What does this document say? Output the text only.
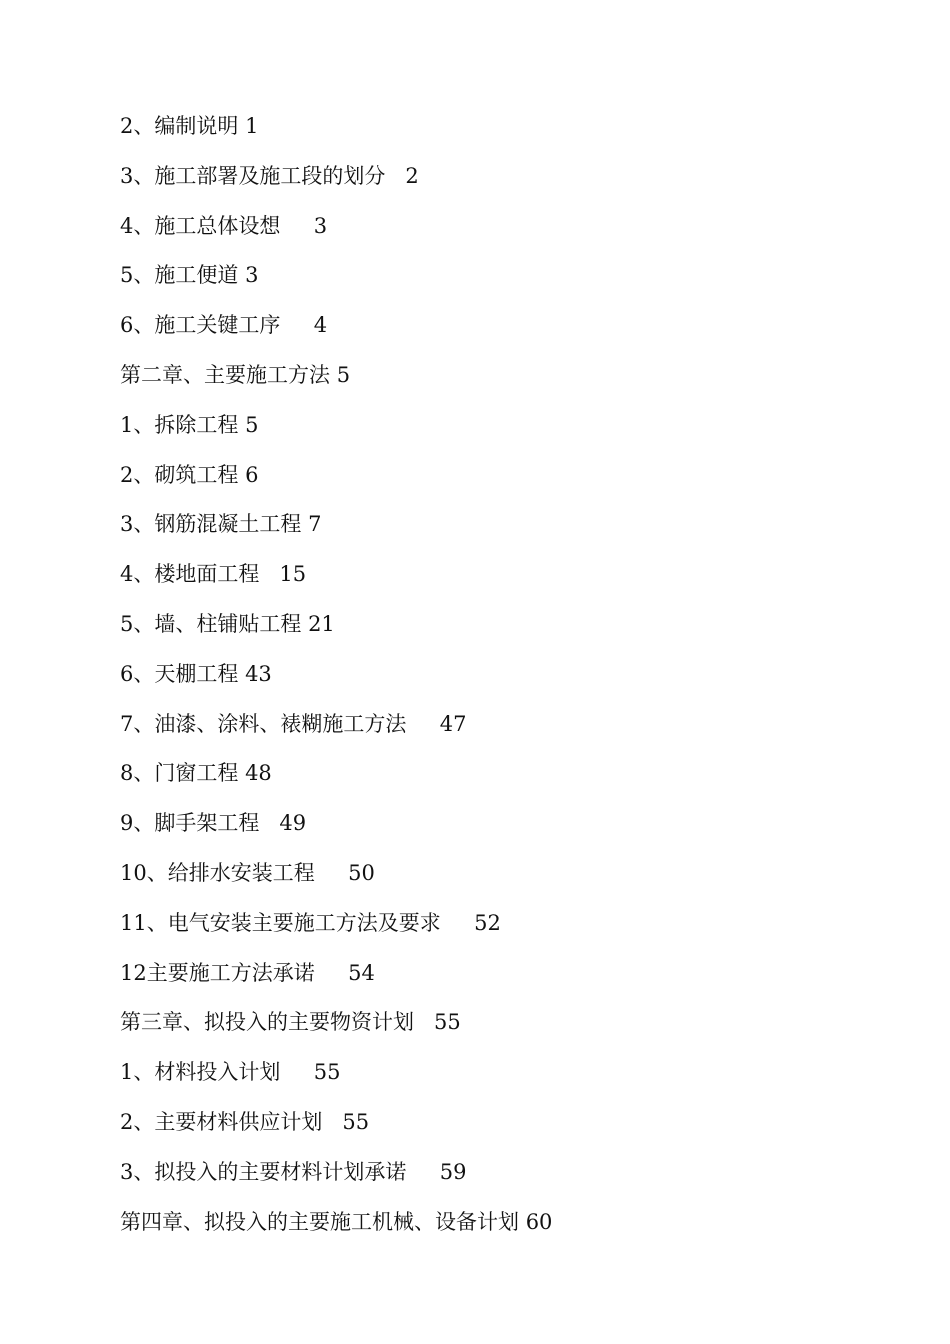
2、编制说明 1
3、施工部署及施工段的划分 2
4、施工总体设想 3
5、施工便道 3
6、施工关键工序 4
第二章、主要施工方法 5
1、拆除工程 5
2、砌筑工程 6
3、钢筋混凝土工程 7
4、楼地面工程 15
5、墙、柱铺贴工程 21
6、天棚工程 43
7、油漆、涂料、裱糊施工方法 47
8、门窗工程 48
9、脚手架工程 49
10、给排水安装工程 50
11、电气安装主要施工方法及要求 52
12主要施工方法承诺 54
第三章、拟投入的主要物资计划 55
1、材料投入计划 55
2、主要材料供应计划 55
3、拟投入的主要材料计划承诺 59
第四章、拟投入的主要施工机械、设备计划 60
